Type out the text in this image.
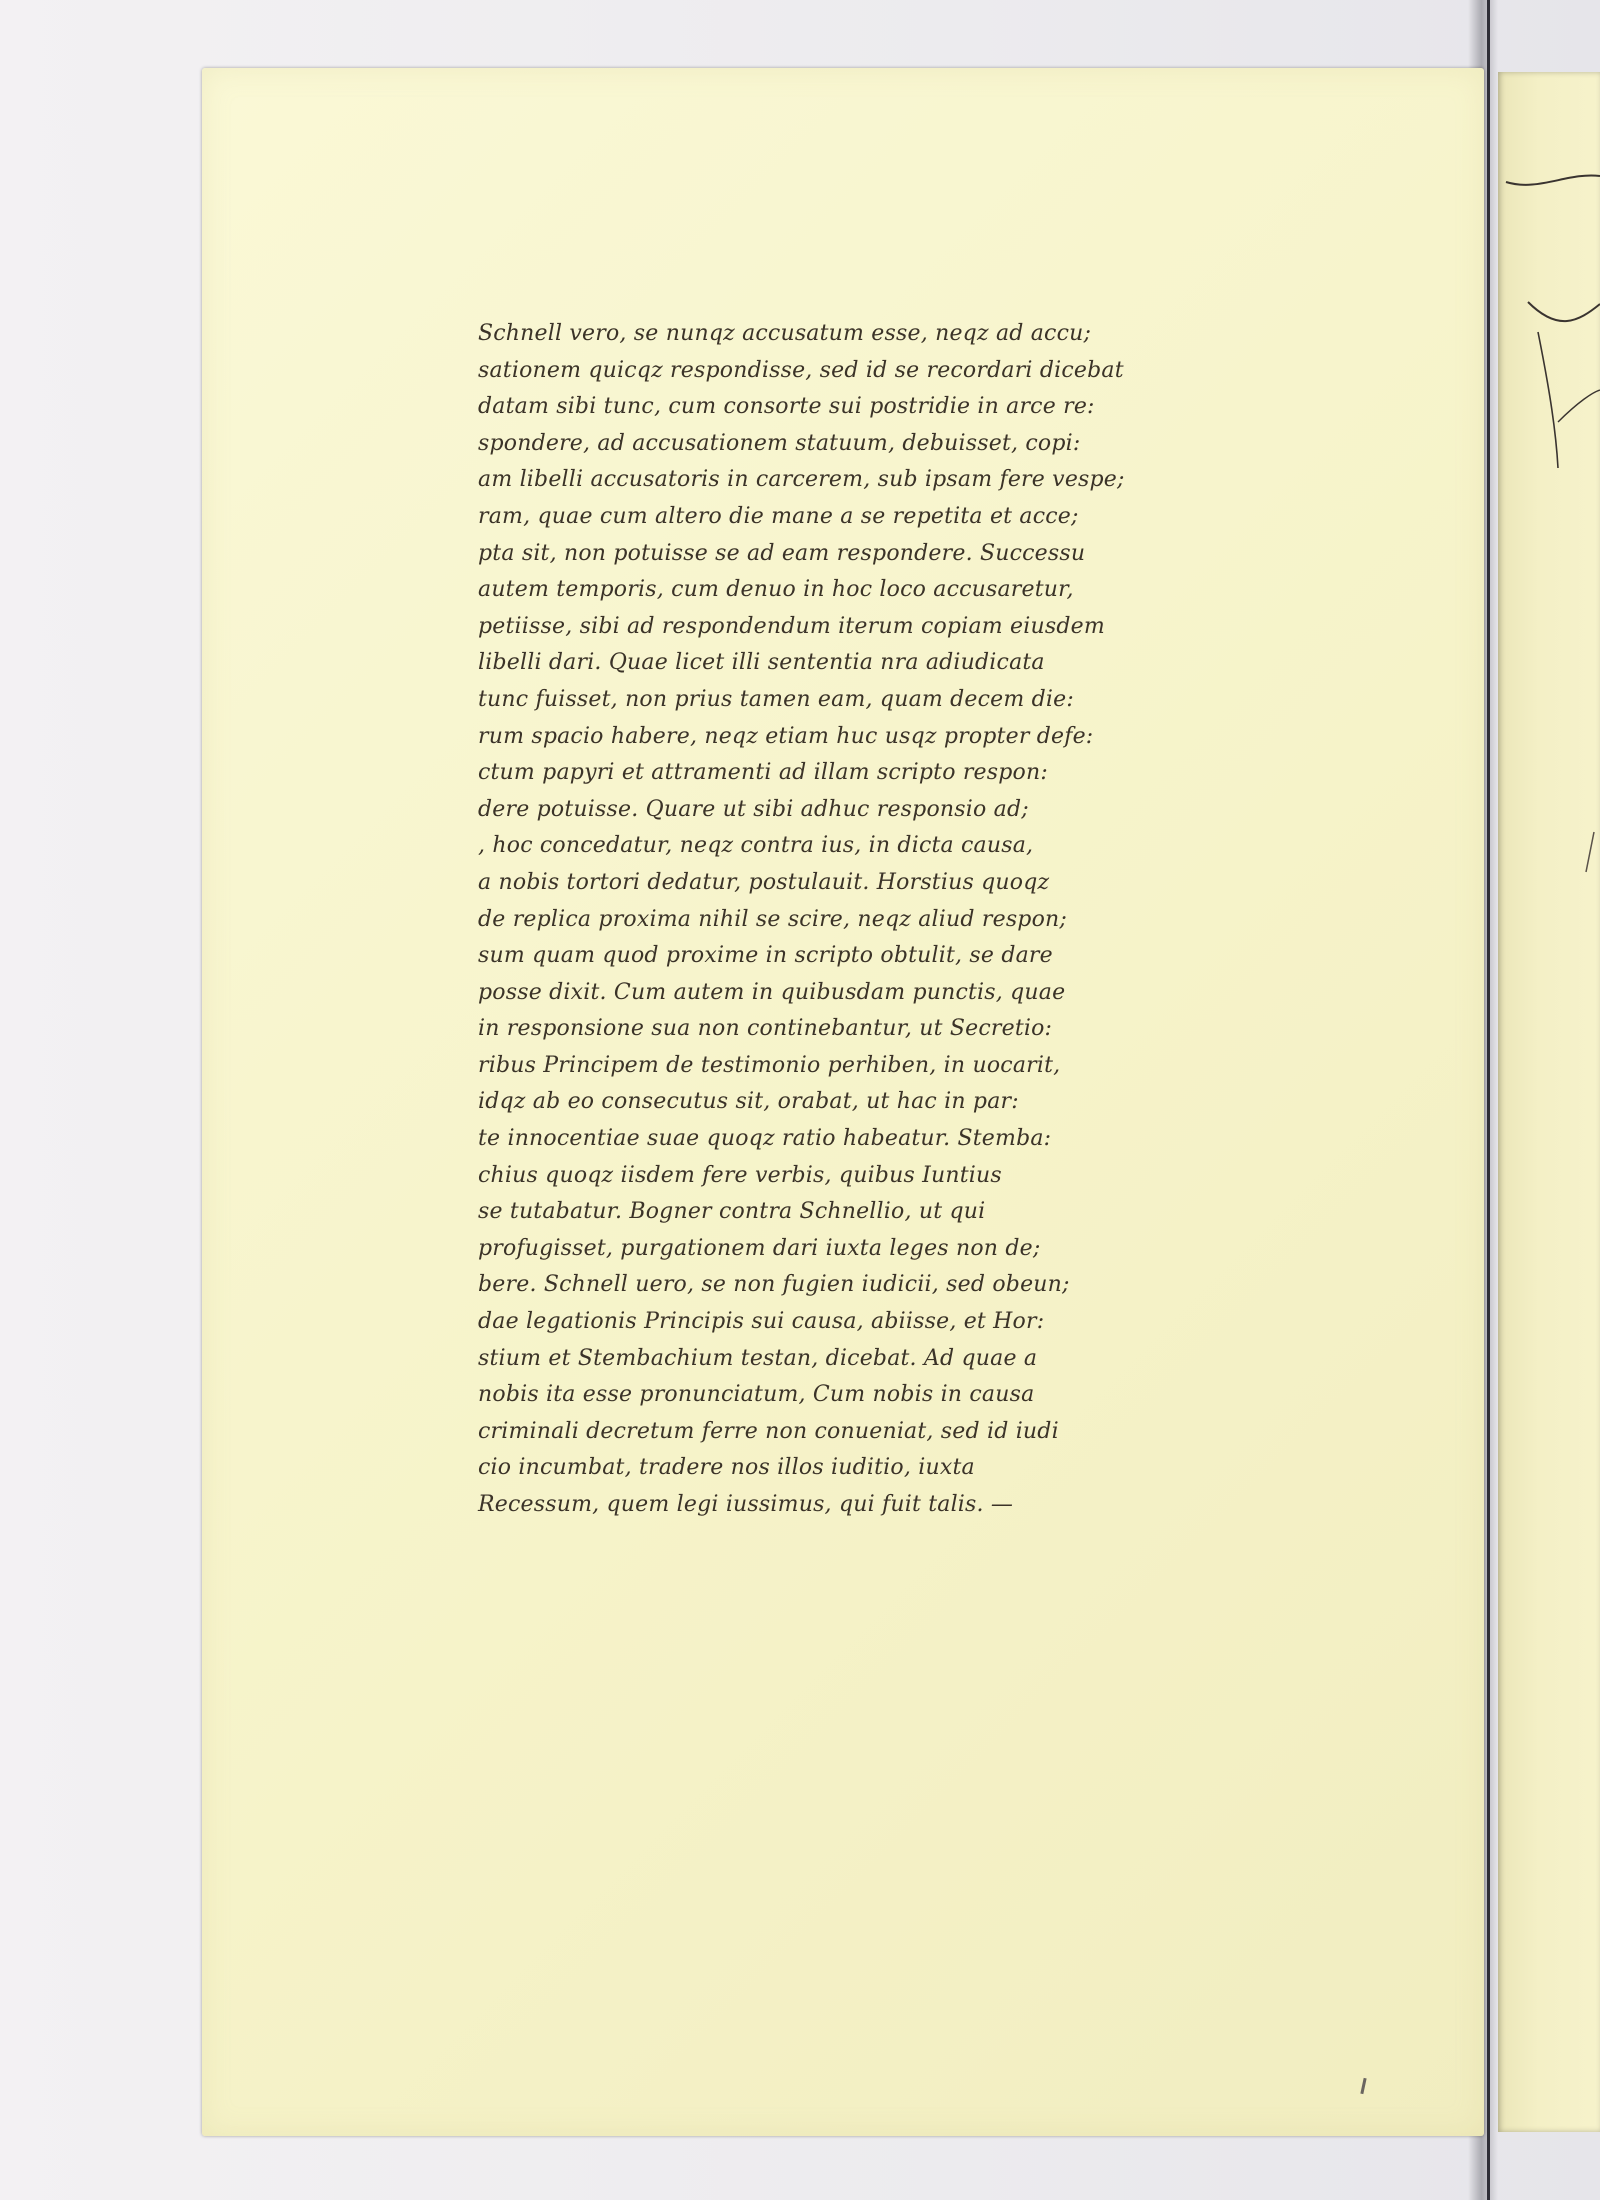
Schnell vero, se nunqz accusatum esse, neqz ad accu;
sationem quicqz respondisse, sed id se recordari dicebat
datam sibi tunc, cum consorte sui postridie in arce re:
spondere, ad accusationem statuum, debuisset, copi:
am libelli accusatoris in carcerem, sub ipsam fere vespe;
ram, quae cum altero die mane a se repetita et acce;
pta sit, non potuisse se ad eam respondere. Successu
autem temporis, cum denuo in hoc loco accusaretur,
petiisse, sibi ad respondendum iterum copiam eiusdem
libelli dari. Quae licet illi sententia nra adiudicata
tunc fuisset, non prius tamen eam, quam decem die:
rum spacio habere, neqz etiam huc usqz propter defe:
ctum papyri et attramenti ad illam scripto respon:
dere potuisse. Quare ut sibi adhuc responsio ad;
, hoc concedatur, neqz contra ius, in dicta causa,
a nobis tortori dedatur, postulauit. Horstius quoqz
de replica proxima nihil se scire, neqz aliud respon;
sum quam quod proxime in scripto obtulit, se dare
posse dixit. Cum autem in quibusdam punctis, quae
in responsione sua non continebantur, ut Secretio:
ribus Principem de testimonio perhiben, in uocarit,
idqz ab eo consecutus sit, orabat, ut hac in par:
te innocentiae suae quoqz ratio habeatur. Stemba:
chius quoqz iisdem fere verbis, quibus Iuntius
se tutabatur. Bogner contra Schnellio, ut qui
profugisset, purgationem dari iuxta leges non de;
bere. Schnell uero, se non fugien iudicii, sed obeun;
dae legationis Principis sui causa, abiisse, et Hor:
stium et Stembachium testan, dicebat. Ad quae a
nobis ita esse pronunciatum, Cum nobis in causa
criminali decretum ferre non conueniat, sed id iudi
cio incumbat, tradere nos illos iuditio, iuxta
Recessum, quem legi iussimus, qui fuit talis. —
